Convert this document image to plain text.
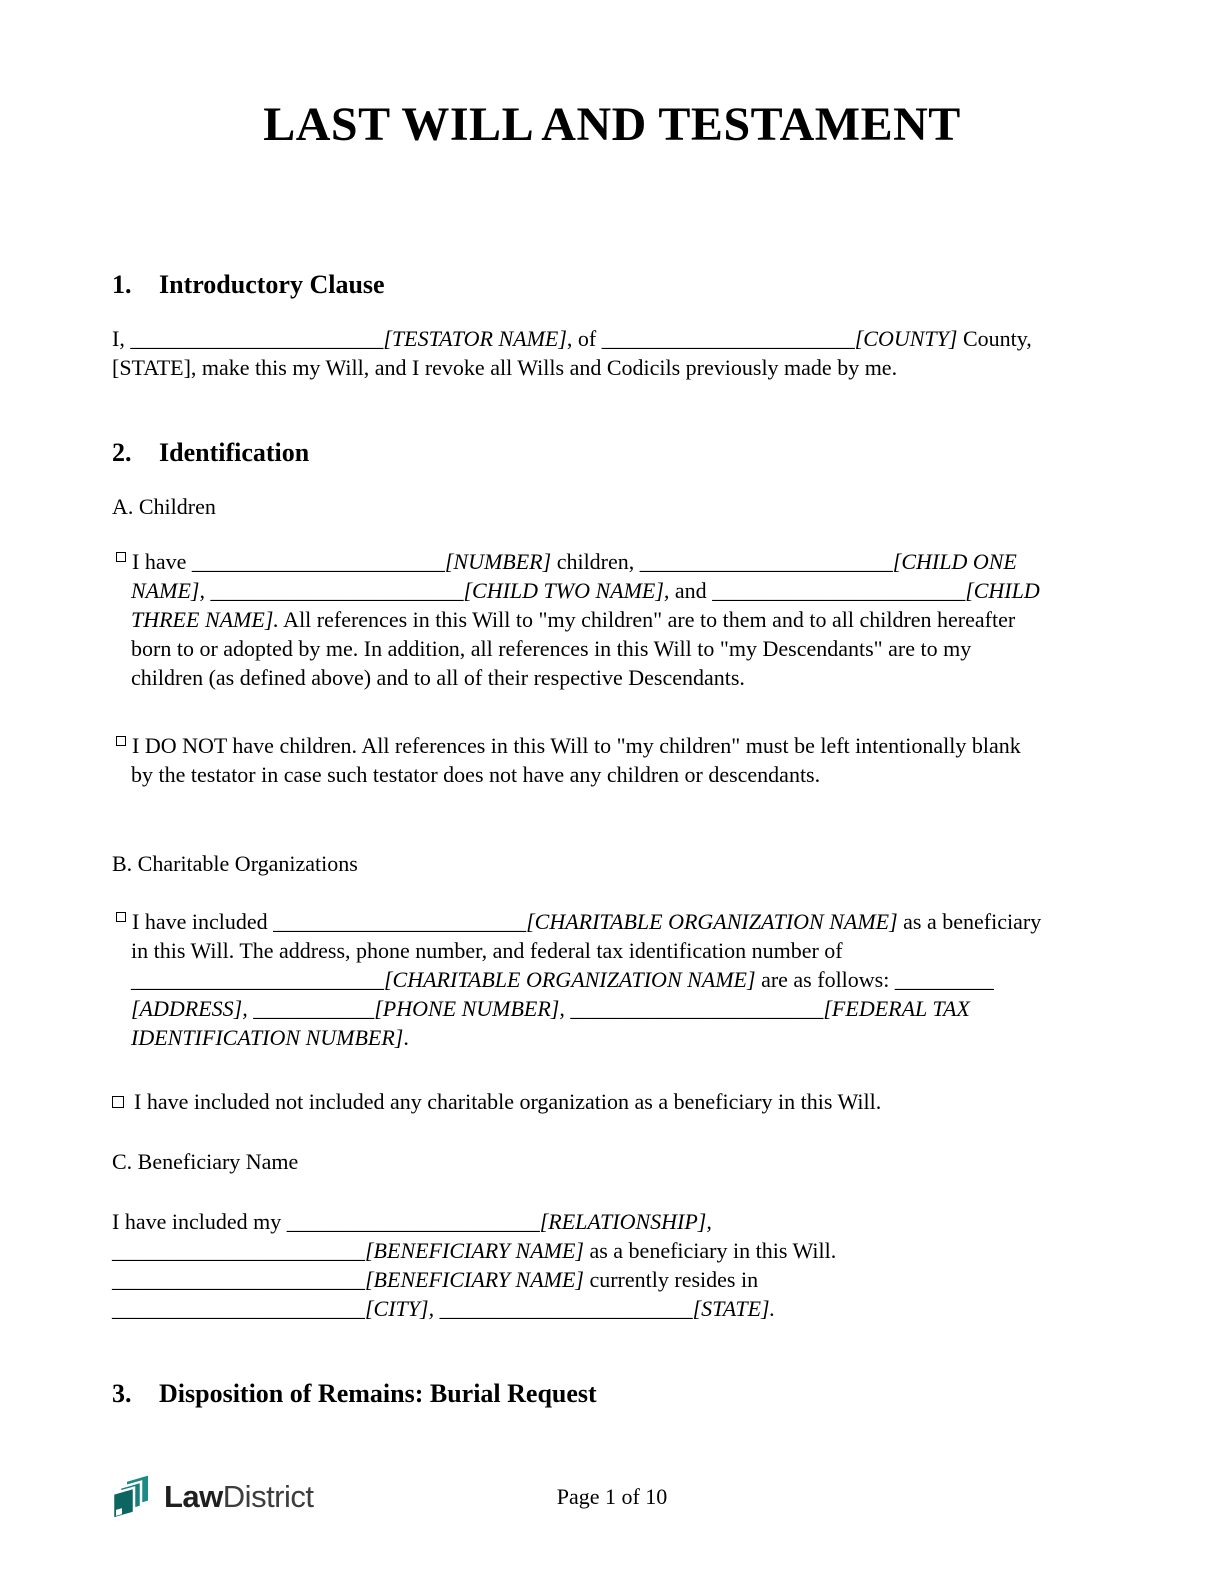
LAST WILL AND TESTAMENT
1. Introductory Clause
I, _______________________[TESTATOR NAME], of _______________________[COUNTY] County,
[STATE], make this my Will, and I revoke all Wills and Codicils previously made by me.
2. Identification
A. Children
I have _______________________[NUMBER] children, _______________________[CHILD ONE
NAME], _______________________[CHILD TWO NAME], and _______________________[CHILD
THREE NAME]. All references in this Will to "my children" are to them and to all children hereafter
born to or adopted by me. In addition, all references in this Will to "my Descendants" are to my
children (as defined above) and to all of their respective Descendants.
I DO NOT have children. All references in this Will to "my children" must be left intentionally blank
by the testator in case such testator does not have any children or descendants.
B. Charitable Organizations
I have included _______________________[CHARITABLE ORGANIZATION NAME] as a beneficiary
in this Will. The address, phone number, and federal tax identification number of
_______________________[CHARITABLE ORGANIZATION NAME] are as follows: _________
[ADDRESS], ___________[PHONE NUMBER], _______________________[FEDERAL TAX
IDENTIFICATION NUMBER].
I have included not included any charitable organization as a beneficiary in this Will.
C. Beneficiary Name
I have included my _______________________[RELATIONSHIP],
_______________________[BENEFICIARY NAME] as a beneficiary in this Will.
_______________________[BENEFICIARY NAME] currently resides in
_______________________[CITY], _______________________[STATE].
3. Disposition of Remains: Burial Request
LawDistrict	Page 1 of 10
